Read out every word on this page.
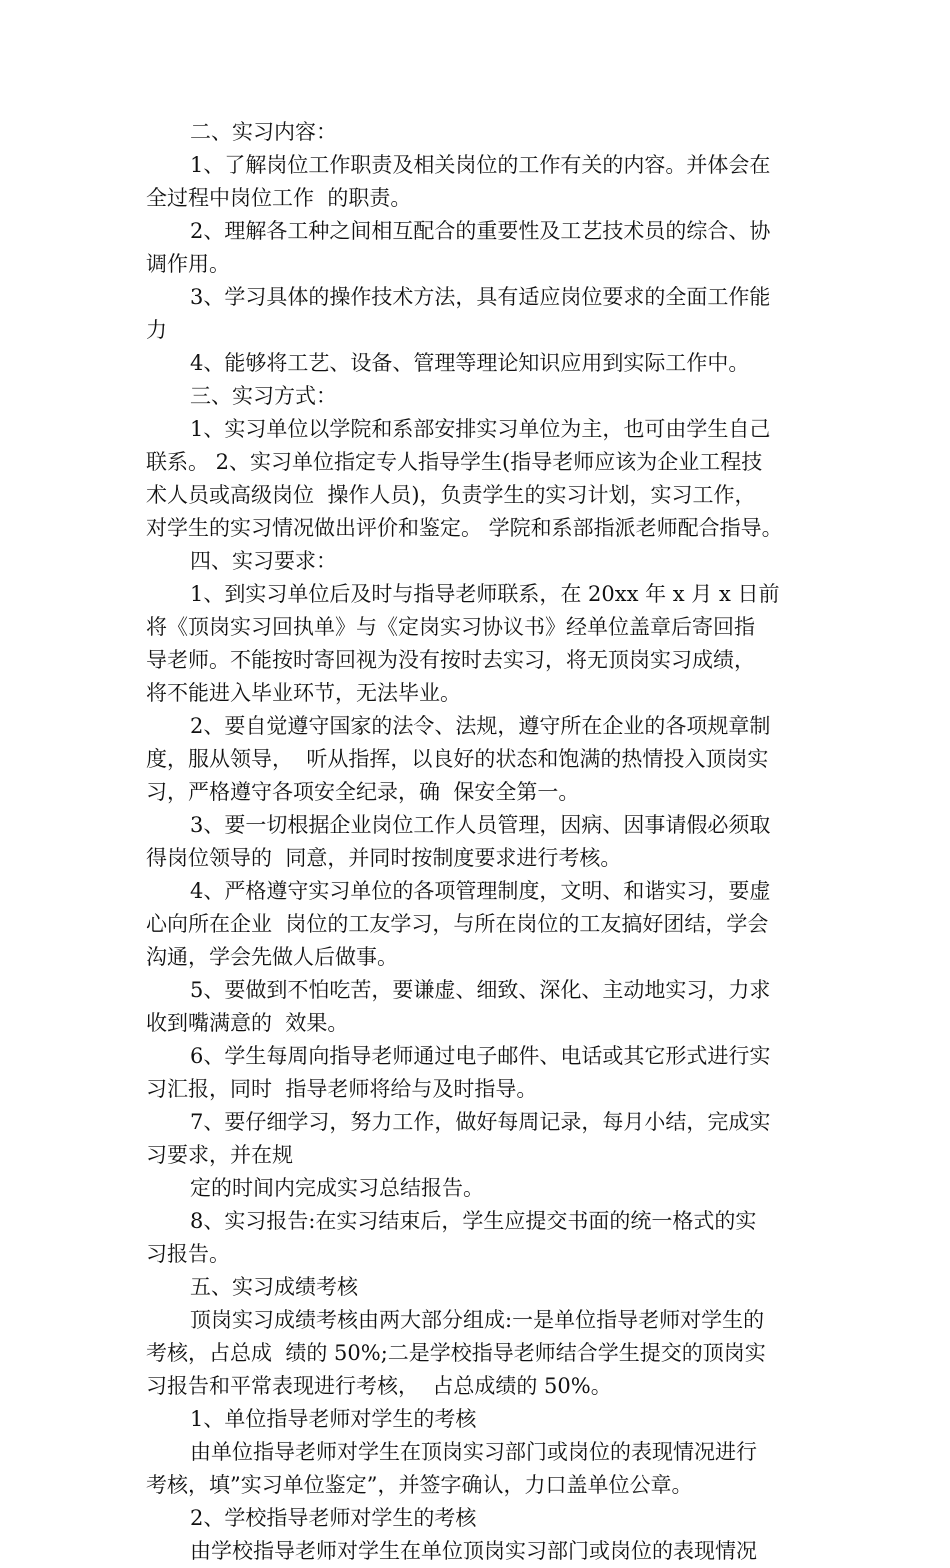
二、实习内容：
1、了解岗位工作职责及相关岗位的工作有关的内容。并体会在
全过程中岗位工作  的职责。
2、理解各工种之间相互配合的重要性及工艺技术员的综合、协
调作用。
3、学习具体的操作技术方法，具有适应岗位要求的全面工作能
力
4、能够将工艺、设备、管理等理论知识应用到实际工作中。
三、实习方式：
1、实习单位以学院和系部安排实习单位为主，也可由学生自己
联系。 2、实习单位指定专人指导学生(指导老师应该为企业工程技
术人员或高级岗位  操作人员)，负责学生的实习计划，实习工作，
对学生的实习情况做出评价和鉴定。 学院和系部指派老师配合指导。
四、实习要求：
1、到实习单位后及时与指导老师联系，在 20xx 年 x 月 x 日前
将《顶岗实习回执单》与《定岗实习协议书》经单位盖章后寄回指
导老师。不能按时寄回视为没有按时去实习，将无顶岗实习成绩，
将不能进入毕业环节，无法毕业。
2、要自觉遵守国家的法令、法规，遵守所在企业的各项规章制
度，服从领导，  听从指挥，以良好的状态和饱满的热情投入顶岗实
习，严格遵守各项安全纪录，确  保安全第一。
3、要一切根据企业岗位工作人员管理，因病、因事请假必须取
得岗位领导的  同意，并同时按制度要求进行考核。
4、严格遵守实习单位的各项管理制度，文明、和谐实习，要虚
心向所在企业  岗位的工友学习，与所在岗位的工友搞好团结，学会
沟通，学会先做人后做事。
5、要做到不怕吃苦，要谦虚、细致、深化、主动地实习，力求
收到嘴满意的  效果。
6、学生每周向指导老师通过电子邮件、电话或其它形式进行实
习汇报，同时  指导老师将给与及时指导。
7、要仔细学习，努力工作，做好每周记录，每月小结，完成实
习要求，并在规
定的时间内完成实习总结报告。
8、实习报告:在实习结束后，学生应提交书面的统一格式的实
习报告。
五、实习成绩考核
顶岗实习成绩考核由两大部分组成:一是单位指导老师对学生的
考核，占总成  绩的 50%;二是学校指导老师结合学生提交的顶岗实
习报告和平常表现进行考核，  占总成绩的 50%。
1、单位指导老师对学生的考核
由单位指导老师对学生在顶岗实习部门或岗位的表现情况进行
考核，填”实习单位鉴定”，并签字确认，力口盖单位公章。
2、学校指导老师对学生的考核
由学校指导老师对学生在单位顶岗实习部门或岗位的表现情况
